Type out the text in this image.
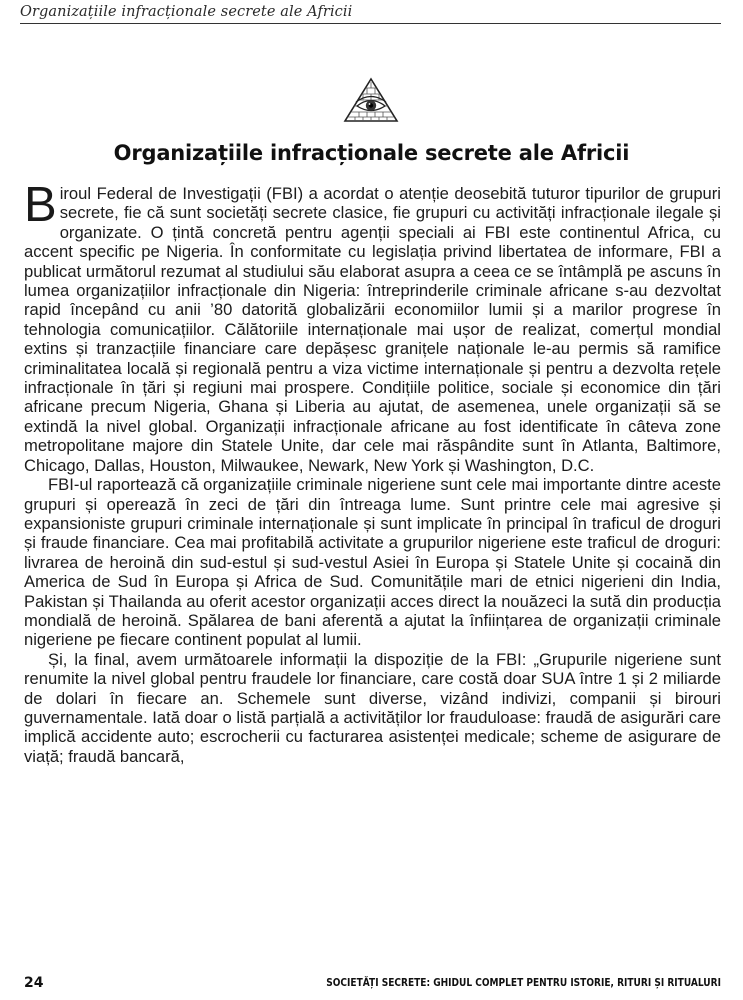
Organizațiile infracționale secrete ale Africii
Organizațiile infracționale secrete ale Africii

Biroul Federal de Investigații (FBI) a acordat o atenție deosebită tuturor tipurilor de grupuri secrete, fie că sunt societăți secrete clasice, fie grupuri cu activități infracționale ilegale și organizate. O țintă concretă pentru agenții speciali ai FBI este continentul Africa, cu accent specific pe Nigeria. În conformitate cu legislația privind libertatea de informare, FBI a publicat următorul rezumat al studiului său elaborat asupra a ceea ce se întâmplă pe ascuns în lumea organizațiilor infracționale din Nigeria: întreprinderile criminale africane s-au dezvoltat rapid începând cu anii ’80 datorită globalizării economiilor lumii și a marilor progrese în tehnologia comunicațiilor. Călătoriile internaționale mai ușor de realizat, comerțul mondial extins și tranzacțiile financiare care depășesc granițele naționale le-au permis să ramifice criminalitatea locală și regională pentru a viza victime internaționale și pentru a dezvolta rețele infracționale în țări și regiuni mai prospere. Condițiile politice, sociale și economice din țări africane precum Nigeria, Ghana și Liberia au ajutat, de asemenea, unele organizații să se extindă la nivel global. Organizații infracționale africane au fost identificate în câteva zone metropolitane majore din Statele Unite, dar cele mai răspândite sunt în Atlanta, Baltimore, Chicago, Dallas, Houston, Milwaukee, Newark, New York și Washington, D.C.

FBI-ul raportează că organizațiile criminale nigeriene sunt cele mai importante dintre aceste grupuri și operează în zeci de țări din întreaga lume. Sunt printre cele mai agresive și expansioniste grupuri criminale internaționale și sunt implicate în principal în traficul de droguri și fraude financiare. Cea mai profitabilă activitate a grupurilor nigeriene este traficul de droguri: livrarea de heroină din sud-estul și sud-vestul Asiei în Europa și Statele Unite și cocaină din America de Sud în Europa și Africa de Sud. Comunitățile mari de etnici nigerieni din India, Pakistan și Thailanda au oferit acestor organizații acces direct la nouăzeci la sută din producția mondială de heroină. Spălarea de bani aferentă a ajutat la înființarea de organizații criminale nigeriene pe fiecare continent populat al lumii.

Și, la final, avem următoarele informații la dispoziție de la FBI: „Grupurile nigeriene sunt renumite la nivel global pentru fraudele lor financiare, care costă doar SUA între 1 și 2 miliarde de dolari în fiecare an. Schemele sunt diverse, vizând indivizi, companii și birouri guvernamentale. Iată doar o listă parțială a activităților lor frauduloase: fraudă de asigurări care implică accidente auto; escrocherii cu facturarea asistenței medicale; scheme de asigurare de viață; fraudă bancară,

24	SOCIETĂȚI SECRETE: GHIDUL COMPLET PENTRU ISTORIE, RITURI ȘI RITUALURI
